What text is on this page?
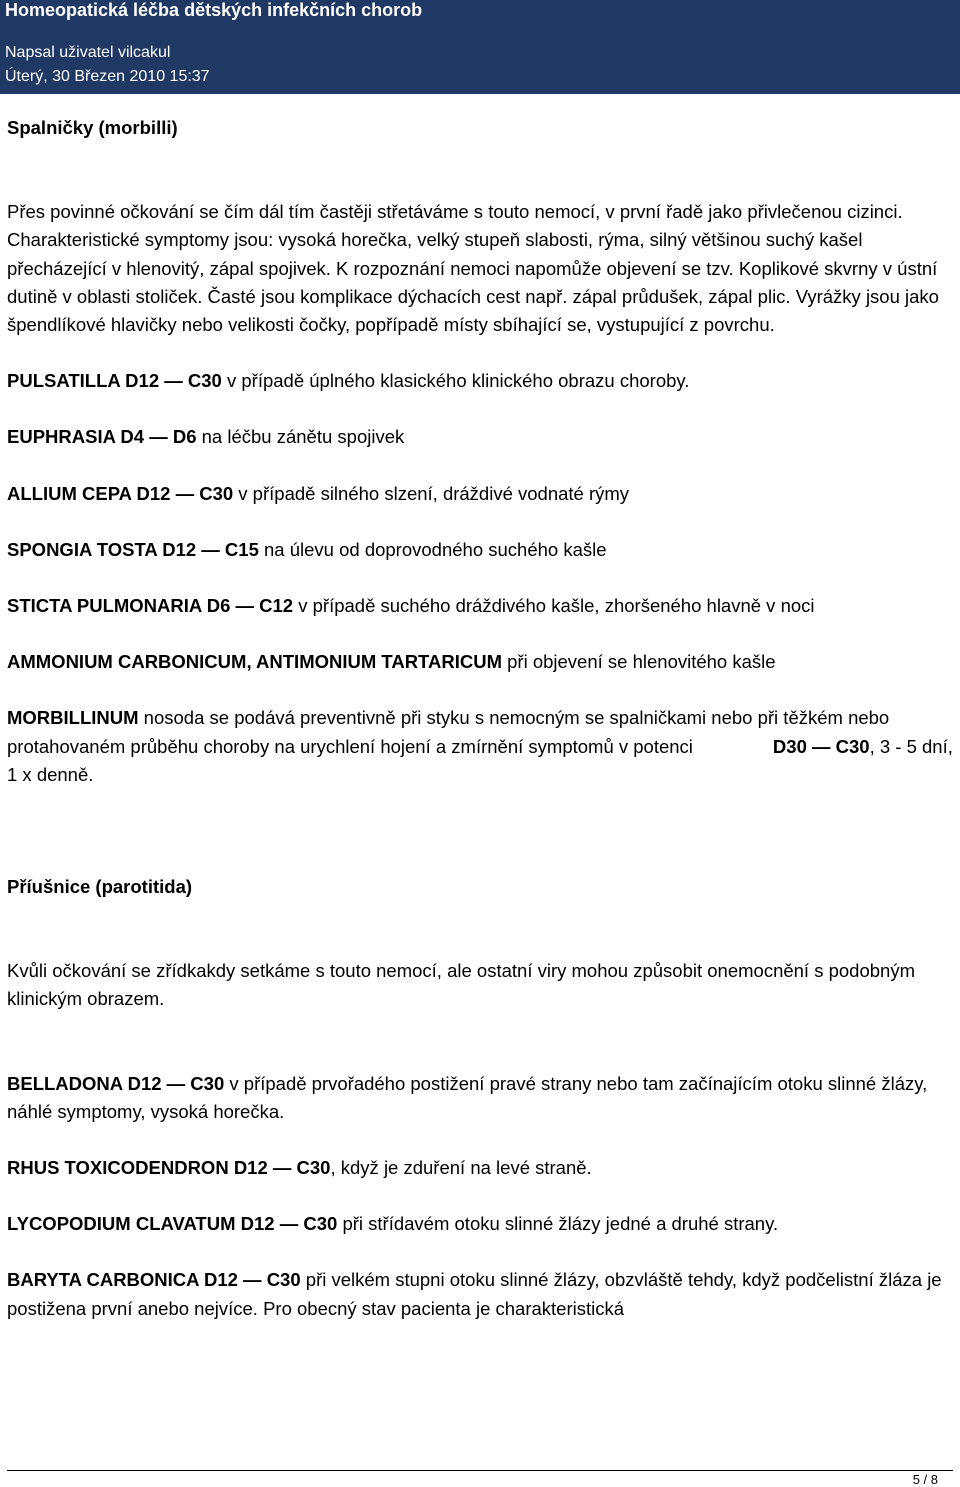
Homeopatická léčba dětských infekčních chorob
Napsal uživatel vilcakul
Úterý, 30 Březen 2010 15:37

Spalničky (morbilli)

Přes povinné očkování se čím dál tím častěji střetáváme s touto nemocí, v první řadě jako přivlečenou cizinci. Charakteristické symptomy jsou: vysoká horečka, velký stupeň slabosti, rýma, silný většinou suchý kašel přecházející v hlenovitý, zápal spojivek. K rozpoznání nemoci napomůže objevení se tzv. Koplikové skvrny v ústní dutině v oblasti stoliček. Časté jsou komplikace dýchacích cest např. zápal průdušek, zápal plic. Vyrážky jsou jako špendlíkové hlavičky nebo velikosti čočky, popřípadě místy sbíhající se, vystupující z povrchu.

PULSATILLA D12 — C30 v případě úplného klasického klinického obrazu choroby.

EUPHRASIA D4 — D6 na léčbu zánětu spojivek

ALLIUM CEPA D12 — C30 v případě silného slzení, dráždivé vodnaté rýmy

SPONGIA TOSTA D12 — C15 na úlevu od doprovodného suchého kašle

STICTA PULMONARIA D6 — C12 v případě suchého dráždivého kašle, zhoršeného hlavně v noci

AMMONIUM CARBONICUM, ANTIMONIUM TARTARICUM při objevení se hlenovitého kašle

MORBILLINUM nosoda se podává preventivně při styku s nemocným se spalničkami nebo při těžkém nebo protahovaném průběhu choroby na urychlení hojení a zmírnění symptomů v potenci	D30 — C30, 3 - 5 dní, 1 x denně.

Příušnice (parotitida)

Kvůli očkování se zřídkakdy setkáme s touto nemocí, ale ostatní viry mohou způsobit onemocnění s podobným klinickým obrazem.

BELLADONA D12 — C30 v případě prvořadého postižení pravé strany nebo tam začínajícím otoku slinné žlázy, náhlé symptomy, vysoká horečka.

RHUS TOXICODENDRON D12 — C30, když je zduření na levé straně.

LYCOPODIUM CLAVATUM D12 — C30 při střídavém otoku slinné žlázy jedné a druhé strany.

BARYTA CARBONICA D12 — C30 při velkém stupni otoku slinné žlázy, obzvláště tehdy, když podčelistní žláza je postižena první anebo nejvíce. Pro obecný stav pacienta je charakteristická

5 / 8
